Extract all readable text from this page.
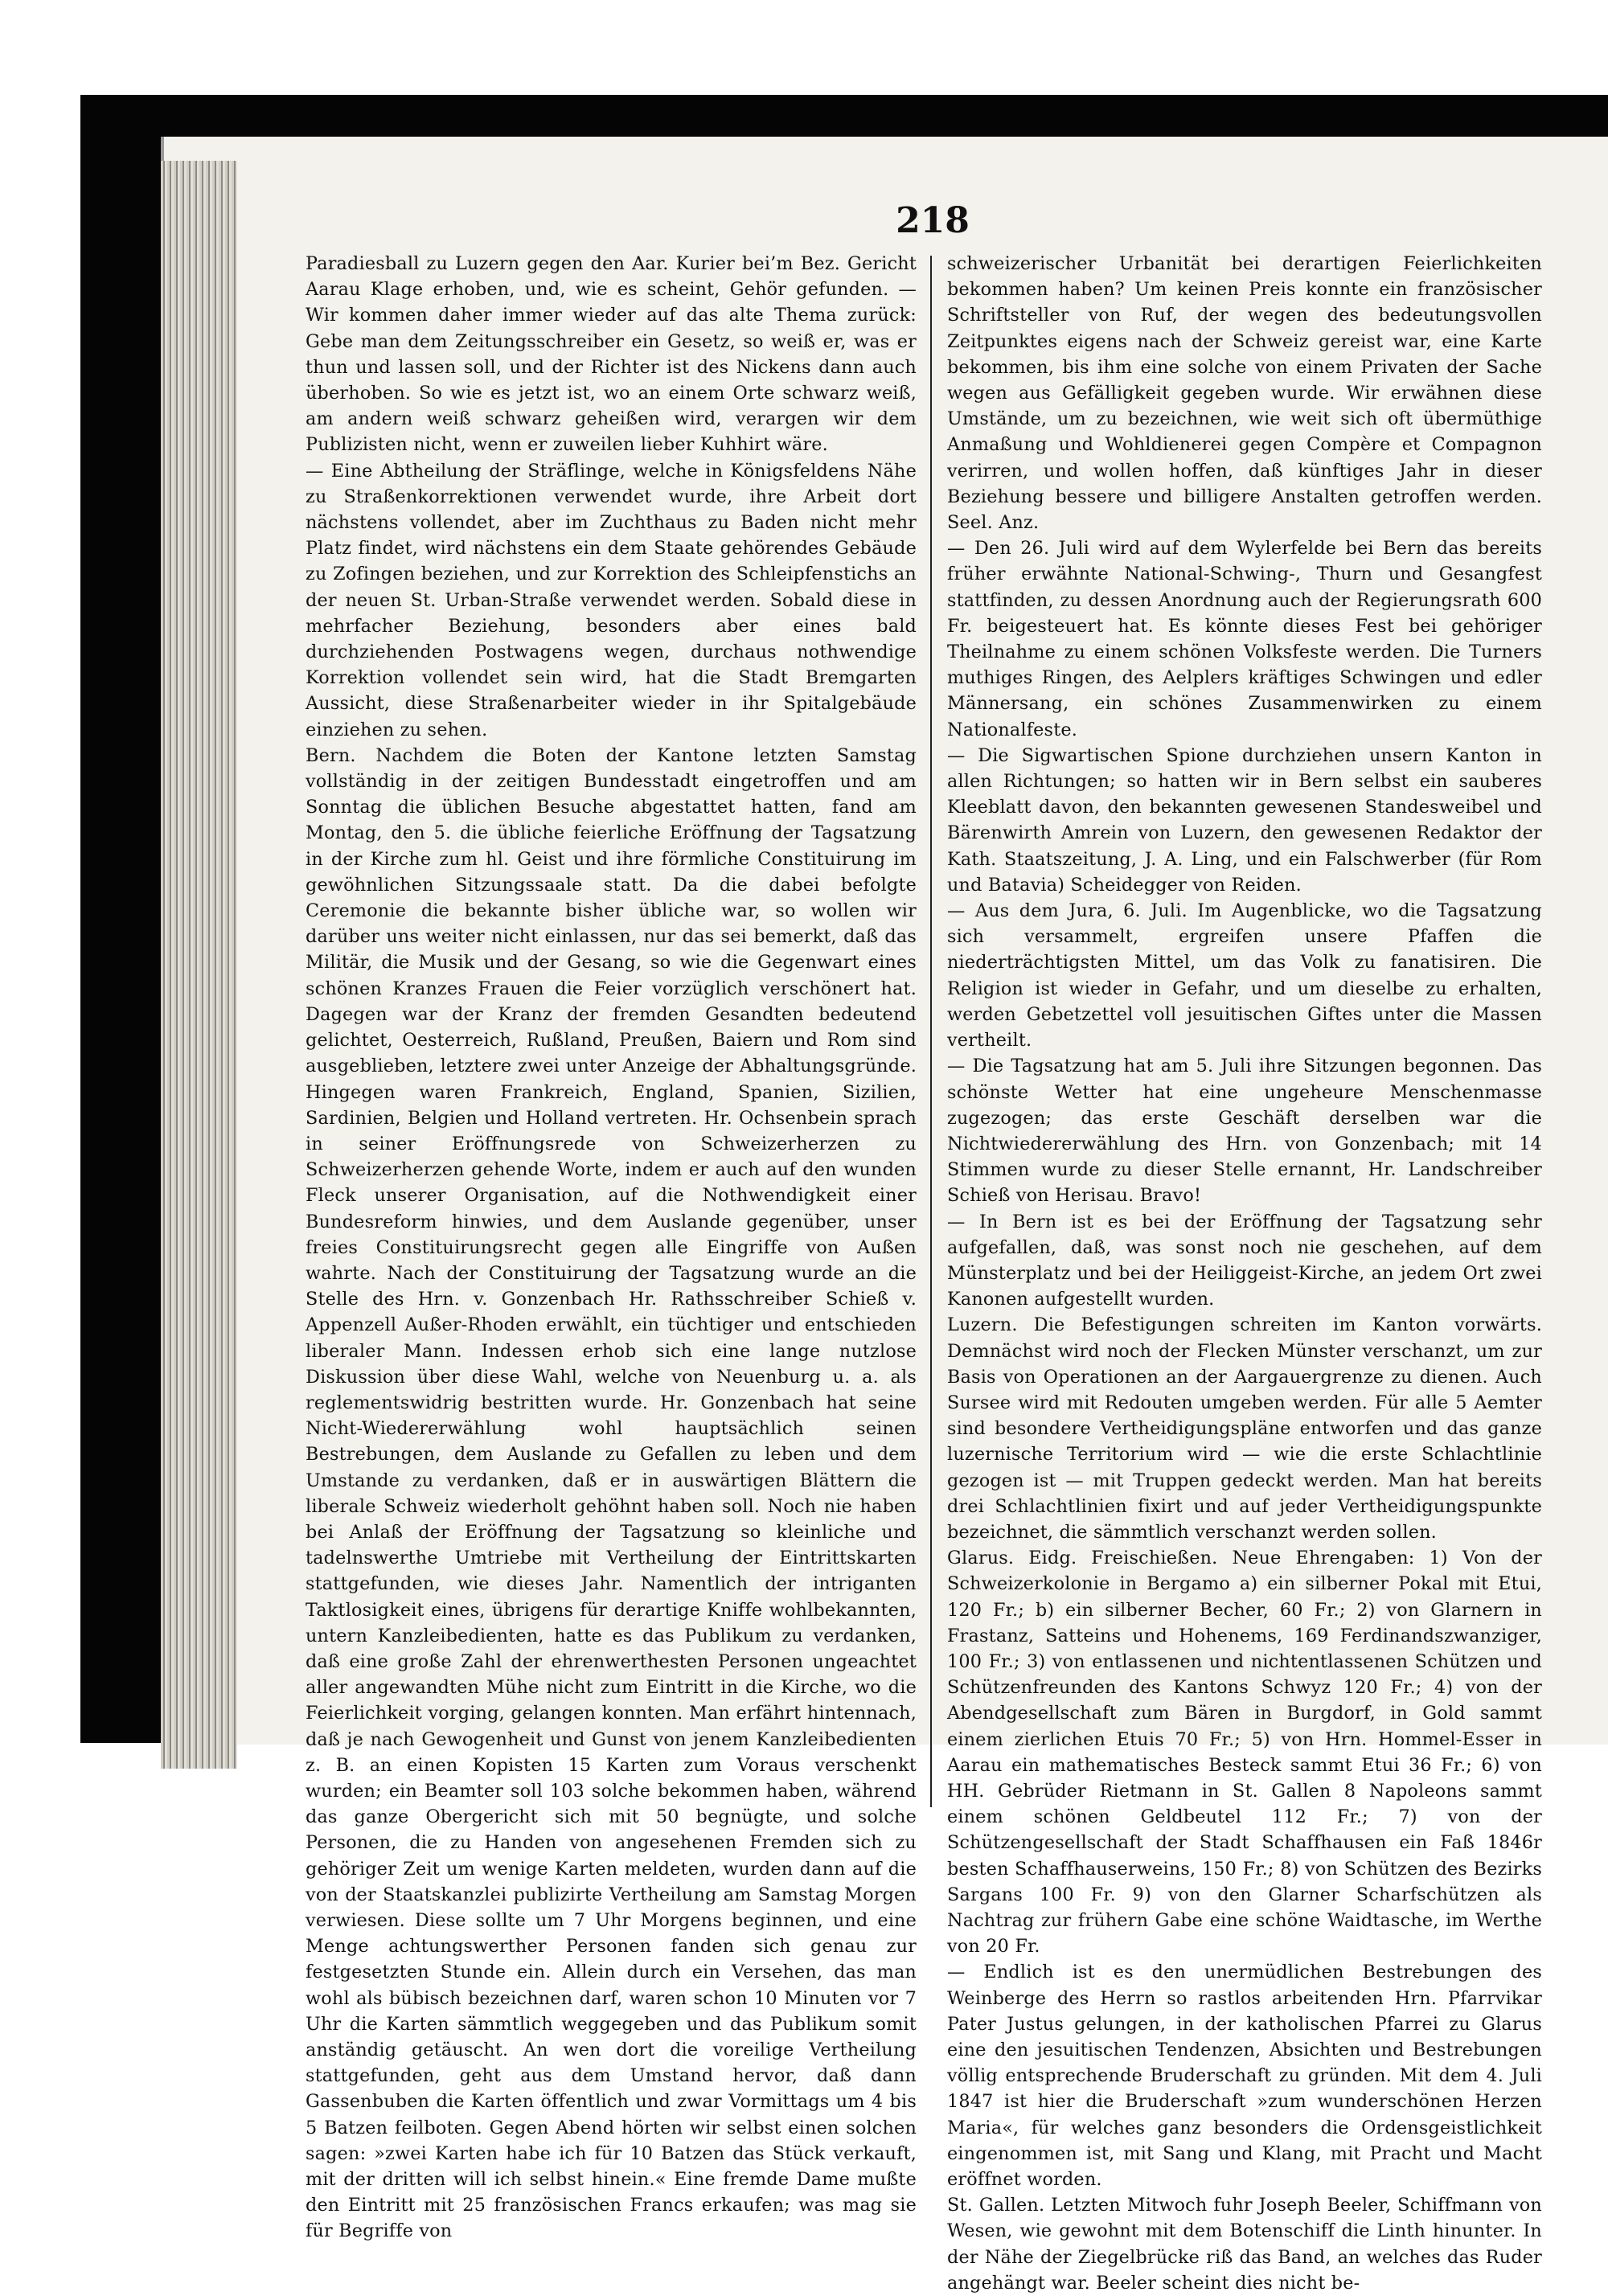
218

Paradiesball zu Luzern gegen den Aar. Kurier bei’m Bez. Gericht Aarau Klage erhoben, und, wie es scheint, Gehör gefunden. — Wir kommen daher immer wieder auf das alte Thema zurück: Gebe man dem Zeitungsschreiber ein Gesetz, so weiß er, was er thun und lassen soll, und der Richter ist des Nickens dann auch überhoben. So wie es jetzt ist, wo an einem Orte schwarz weiß, am andern weiß schwarz geheißen wird, verargen wir dem Publizisten nicht, wenn er zuweilen lieber Kuhhirt wäre.

— Eine Abtheilung der Sträflinge, welche in Königsfeldens Nähe zu Straßenkorrektionen verwendet wurde, ihre Arbeit dort nächstens vollendet, aber im Zuchthaus zu Baden nicht mehr Platz findet, wird nächstens ein dem Staate gehörendes Gebäude zu Zofingen beziehen, und zur Korrektion des Schleipfenstichs an der neuen St. Urban-Straße verwendet werden. Sobald diese in mehrfacher Beziehung, besonders aber eines bald durchziehenden Postwagens wegen, durchaus nothwendige Korrektion vollendet sein wird, hat die Stadt Bremgarten Aussicht, diese Straßenarbeiter wieder in ihr Spitalgebäude einziehen zu sehen.

Bern. Nachdem die Boten der Kantone letzten Samstag vollständig in der zeitigen Bundesstadt eingetroffen und am Sonntag die üblichen Besuche abgestattet hatten, fand am Montag, den 5. die übliche feierliche Eröffnung der Tagsatzung in der Kirche zum hl. Geist und ihre förmliche Constituirung im gewöhnlichen Sitzungssaale statt. Da die dabei befolgte Ceremonie die bekannte bisher übliche war, so wollen wir darüber uns weiter nicht einlassen, nur das sei bemerkt, daß das Militär, die Musik und der Gesang, so wie die Gegenwart eines schönen Kranzes Frauen die Feier vorzüglich verschönert hat. Dagegen war der Kranz der fremden Gesandten bedeutend gelichtet, Oesterreich, Rußland, Preußen, Baiern und Rom sind ausgeblieben, letztere zwei unter Anzeige der Abhaltungsgründe. Hingegen waren Frankreich, England, Spanien, Sizilien, Sardinien, Belgien und Holland vertreten. Hr. Ochsenbein sprach in seiner Eröffnungsrede von Schweizerherzen zu Schweizerherzen gehende Worte, indem er auch auf den wunden Fleck unserer Organisation, auf die Nothwendigkeit einer Bundesreform hinwies, und dem Auslande gegenüber, unser freies Constituirungsrecht gegen alle Eingriffe von Außen wahrte. Nach der Constituirung der Tagsatzung wurde an die Stelle des Hrn. v. Gonzenbach Hr. Rathsschreiber Schieß v. Appenzell Außer-Rhoden erwählt, ein tüchtiger und entschieden liberaler Mann. Indessen erhob sich eine lange nutzlose Diskussion über diese Wahl, welche von Neuenburg u. a. als reglementswidrig bestritten wurde. Hr. Gonzenbach hat seine Nicht-Wiedererwählung wohl hauptsächlich seinen Bestrebungen, dem Auslande zu Gefallen zu leben und dem Umstande zu verdanken, daß er in auswärtigen Blättern die liberale Schweiz wiederholt gehöhnt haben soll. Noch nie haben bei Anlaß der Eröffnung der Tagsatzung so kleinliche und tadelnswerthe Umtriebe mit Vertheilung der Eintrittskarten stattgefunden, wie dieses Jahr. Namentlich der intriganten Taktlosigkeit eines, übrigens für derartige Kniffe wohlbekannten, untern Kanzleibedienten, hatte es das Publikum zu verdanken, daß eine große Zahl der ehrenwerthesten Personen ungeachtet aller angewandten Mühe nicht zum Eintritt in die Kirche, wo die Feierlichkeit vorging, gelangen konnten. Man erfährt hintennach, daß je nach Gewogenheit und Gunst von jenem Kanzleibedienten z. B. an einen Kopisten 15 Karten zum Voraus verschenkt wurden; ein Beamter soll 103 solche bekommen haben, während das ganze Obergericht sich mit 50 begnügte, und solche Personen, die zu Handen von angesehenen Fremden sich zu gehöriger Zeit um wenige Karten meldeten, wurden dann auf die von der Staatskanzlei publizirte Vertheilung am Samstag Morgen verwiesen. Diese sollte um 7 Uhr Morgens beginnen, und eine Menge achtungswerther Personen fanden sich genau zur festgesetzten Stunde ein. Allein durch ein Versehen, das man wohl als bübisch bezeichnen darf, waren schon 10 Minuten vor 7 Uhr die Karten sämmtlich weggegeben und das Publikum somit anständig getäuscht. An wen dort die voreilige Vertheilung stattgefunden, geht aus dem Umstand hervor, daß dann Gassenbuben die Karten öffentlich und zwar Vormittags um 4 bis 5 Batzen feilboten. Gegen Abend hörten wir selbst einen solchen sagen: »zwei Karten habe ich für 10 Batzen das Stück verkauft, mit der dritten will ich selbst hinein.« Eine fremde Dame mußte den Eintritt mit 25 französischen Francs erkaufen; was mag sie für Begriffe von

schweizerischer Urbanität bei derartigen Feierlichkeiten bekommen haben? Um keinen Preis konnte ein französischer Schriftsteller von Ruf, der wegen des bedeutungsvollen Zeitpunktes eigens nach der Schweiz gereist war, eine Karte bekommen, bis ihm eine solche von einem Privaten der Sache wegen aus Gefälligkeit gegeben wurde. Wir erwähnen diese Umstände, um zu bezeichnen, wie weit sich oft übermüthige Anmaßung und Wohldienerei gegen Compère et Compagnon verirren, und wollen hoffen, daß künftiges Jahr in dieser Beziehung bessere und billigere Anstalten getroffen werden. Seel. Anz.

— Den 26. Juli wird auf dem Wylerfelde bei Bern das bereits früher erwähnte National-Schwing-, Thurn und Gesangfest stattfinden, zu dessen Anordnung auch der Regierungsrath 600 Fr. beigesteuert hat. Es könnte dieses Fest bei gehöriger Theilnahme zu einem schönen Volksfeste werden. Die Turners muthiges Ringen, des Aelplers kräftiges Schwingen und edler Männersang, ein schönes Zusammenwirken zu einem Nationalfeste.

— Die Sigwartischen Spione durchziehen unsern Kanton in allen Richtungen; so hatten wir in Bern selbst ein sauberes Kleeblatt davon, den bekannten gewesenen Standesweibel und Bärenwirth Amrein von Luzern, den gewesenen Redaktor der Kath. Staatszeitung, J. A. Ling, und ein Falschwerber (für Rom und Batavia) Scheidegger von Reiden.

— Aus dem Jura, 6. Juli. Im Augenblicke, wo die Tagsatzung sich versammelt, ergreifen unsere Pfaffen die niederträchtigsten Mittel, um das Volk zu fanatisiren. Die Religion ist wieder in Gefahr, und um dieselbe zu erhalten, werden Gebetzettel voll jesuitischen Giftes unter die Massen vertheilt.

— Die Tagsatzung hat am 5. Juli ihre Sitzungen begonnen. Das schönste Wetter hat eine ungeheure Menschenmasse zugezogen; das erste Geschäft derselben war die Nichtwiedererwählung des Hrn. von Gonzenbach; mit 14 Stimmen wurde zu dieser Stelle ernannt, Hr. Landschreiber Schieß von Herisau. Bravo!

— In Bern ist es bei der Eröffnung der Tagsatzung sehr aufgefallen, daß, was sonst noch nie geschehen, auf dem Münsterplatz und bei der Heiliggeist-Kirche, an jedem Ort zwei Kanonen aufgestellt wurden.

Luzern. Die Befestigungen schreiten im Kanton vorwärts. Demnächst wird noch der Flecken Münster verschanzt, um zur Basis von Operationen an der Aargauergrenze zu dienen. Auch Sursee wird mit Redouten umgeben werden. Für alle 5 Aemter sind besondere Vertheidigungspläne entworfen und das ganze luzernische Territorium wird — wie die erste Schlachtlinie gezogen ist — mit Truppen gedeckt werden. Man hat bereits drei Schlachtlinien fixirt und auf jeder Vertheidigungspunkte bezeichnet, die sämmtlich verschanzt werden sollen.

Glarus. Eidg. Freischießen. Neue Ehrengaben: 1) Von der Schweizerkolonie in Bergamo a) ein silberner Pokal mit Etui, 120 Fr.; b) ein silberner Becher, 60 Fr.; 2) von Glarnern in Frastanz, Satteins und Hohenems, 169 Ferdinandszwanziger, 100 Fr.; 3) von entlassenen und nichtentlassenen Schützen und Schützenfreunden des Kantons Schwyz 120 Fr.; 4) von der Abendgesellschaft zum Bären in Burgdorf, in Gold sammt einem zierlichen Etuis 70 Fr.; 5) von Hrn. Hommel-Esser in Aarau ein mathematisches Besteck sammt Etui 36 Fr.; 6) von HH. Gebrüder Rietmann in St. Gallen 8 Napoleons sammt einem schönen Geldbeutel 112 Fr.; 7) von der Schützengesellschaft der Stadt Schaffhausen ein Faß 1846r besten Schaffhauserweins, 150 Fr.; 8) von Schützen des Bezirks Sargans 100 Fr. 9) von den Glarner Scharfschützen als Nachtrag zur frühern Gabe eine schöne Waidtasche, im Werthe von 20 Fr.

— Endlich ist es den unermüdlichen Bestrebungen des Weinberge des Herrn so rastlos arbeitenden Hrn. Pfarrvikar Pater Justus gelungen, in der katholischen Pfarrei zu Glarus eine den jesuitischen Tendenzen, Absichten und Bestrebungen völlig entsprechende Bruderschaft zu gründen. Mit dem 4. Juli 1847 ist hier die Bruderschaft »zum wunderschönen Herzen Maria«, für welches ganz besonders die Ordensgeistlichkeit eingenommen ist, mit Sang und Klang, mit Pracht und Macht eröffnet worden.

St. Gallen. Letzten Mitwoch fuhr Joseph Beeler, Schiffmann von Wesen, wie gewohnt mit dem Botenschiff die Linth hinunter. In der Nähe der Ziegelbrücke riß das Band, an welches das Ruder angehängt war. Beeler scheint dies nicht be-
